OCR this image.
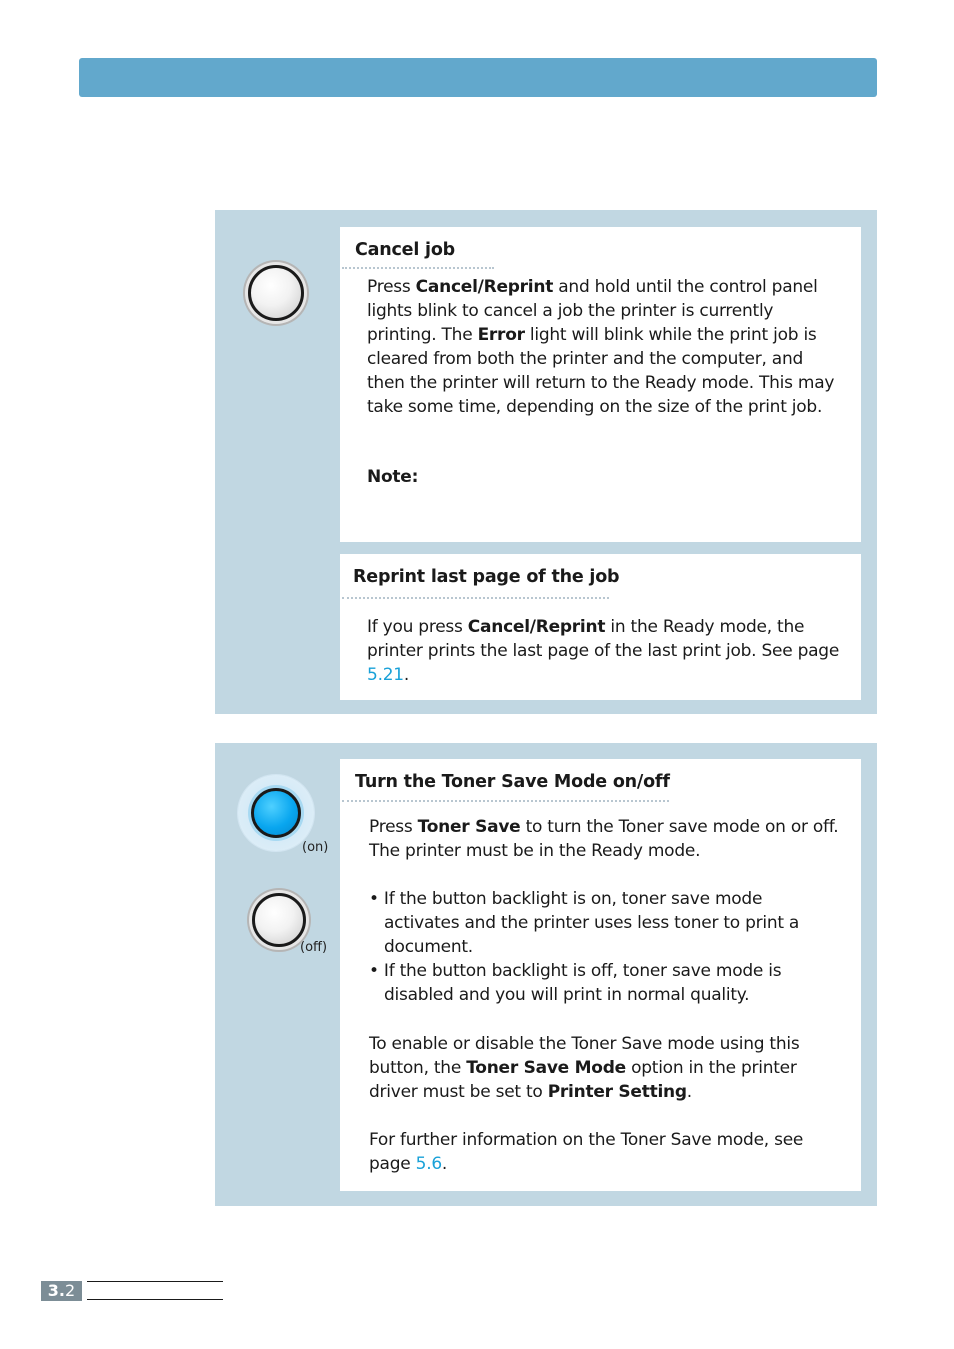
Cancel job

Press Cancel/Reprint and hold until the control panel lights blink to cancel a job the printer is currently printing. The Error light will blink while the print job is cleared from both the printer and the computer, and then the printer will return to the Ready mode. This may take some time, depending on the size of the print job.

Note:
Reprint last page of the job

If you press Cancel/Reprint in the Ready mode, the printer prints the last page of the last print job. See page 5.21.

(on)
(off)
Turn the Toner Save Mode on/off

Press Toner Save to turn the Toner save mode on or off. The printer must be in the Ready mode.

• If the button backlight is on, toner save mode activates and the printer uses less toner to print a document.

• If the button backlight is off, toner save mode is disabled and you will print in normal quality.

To enable or disable the Toner Save mode using this button, the Toner Save Mode option in the printer driver must be set to Printer Setting.

For further information on the Toner Save mode, see page 5.6.

3.2
